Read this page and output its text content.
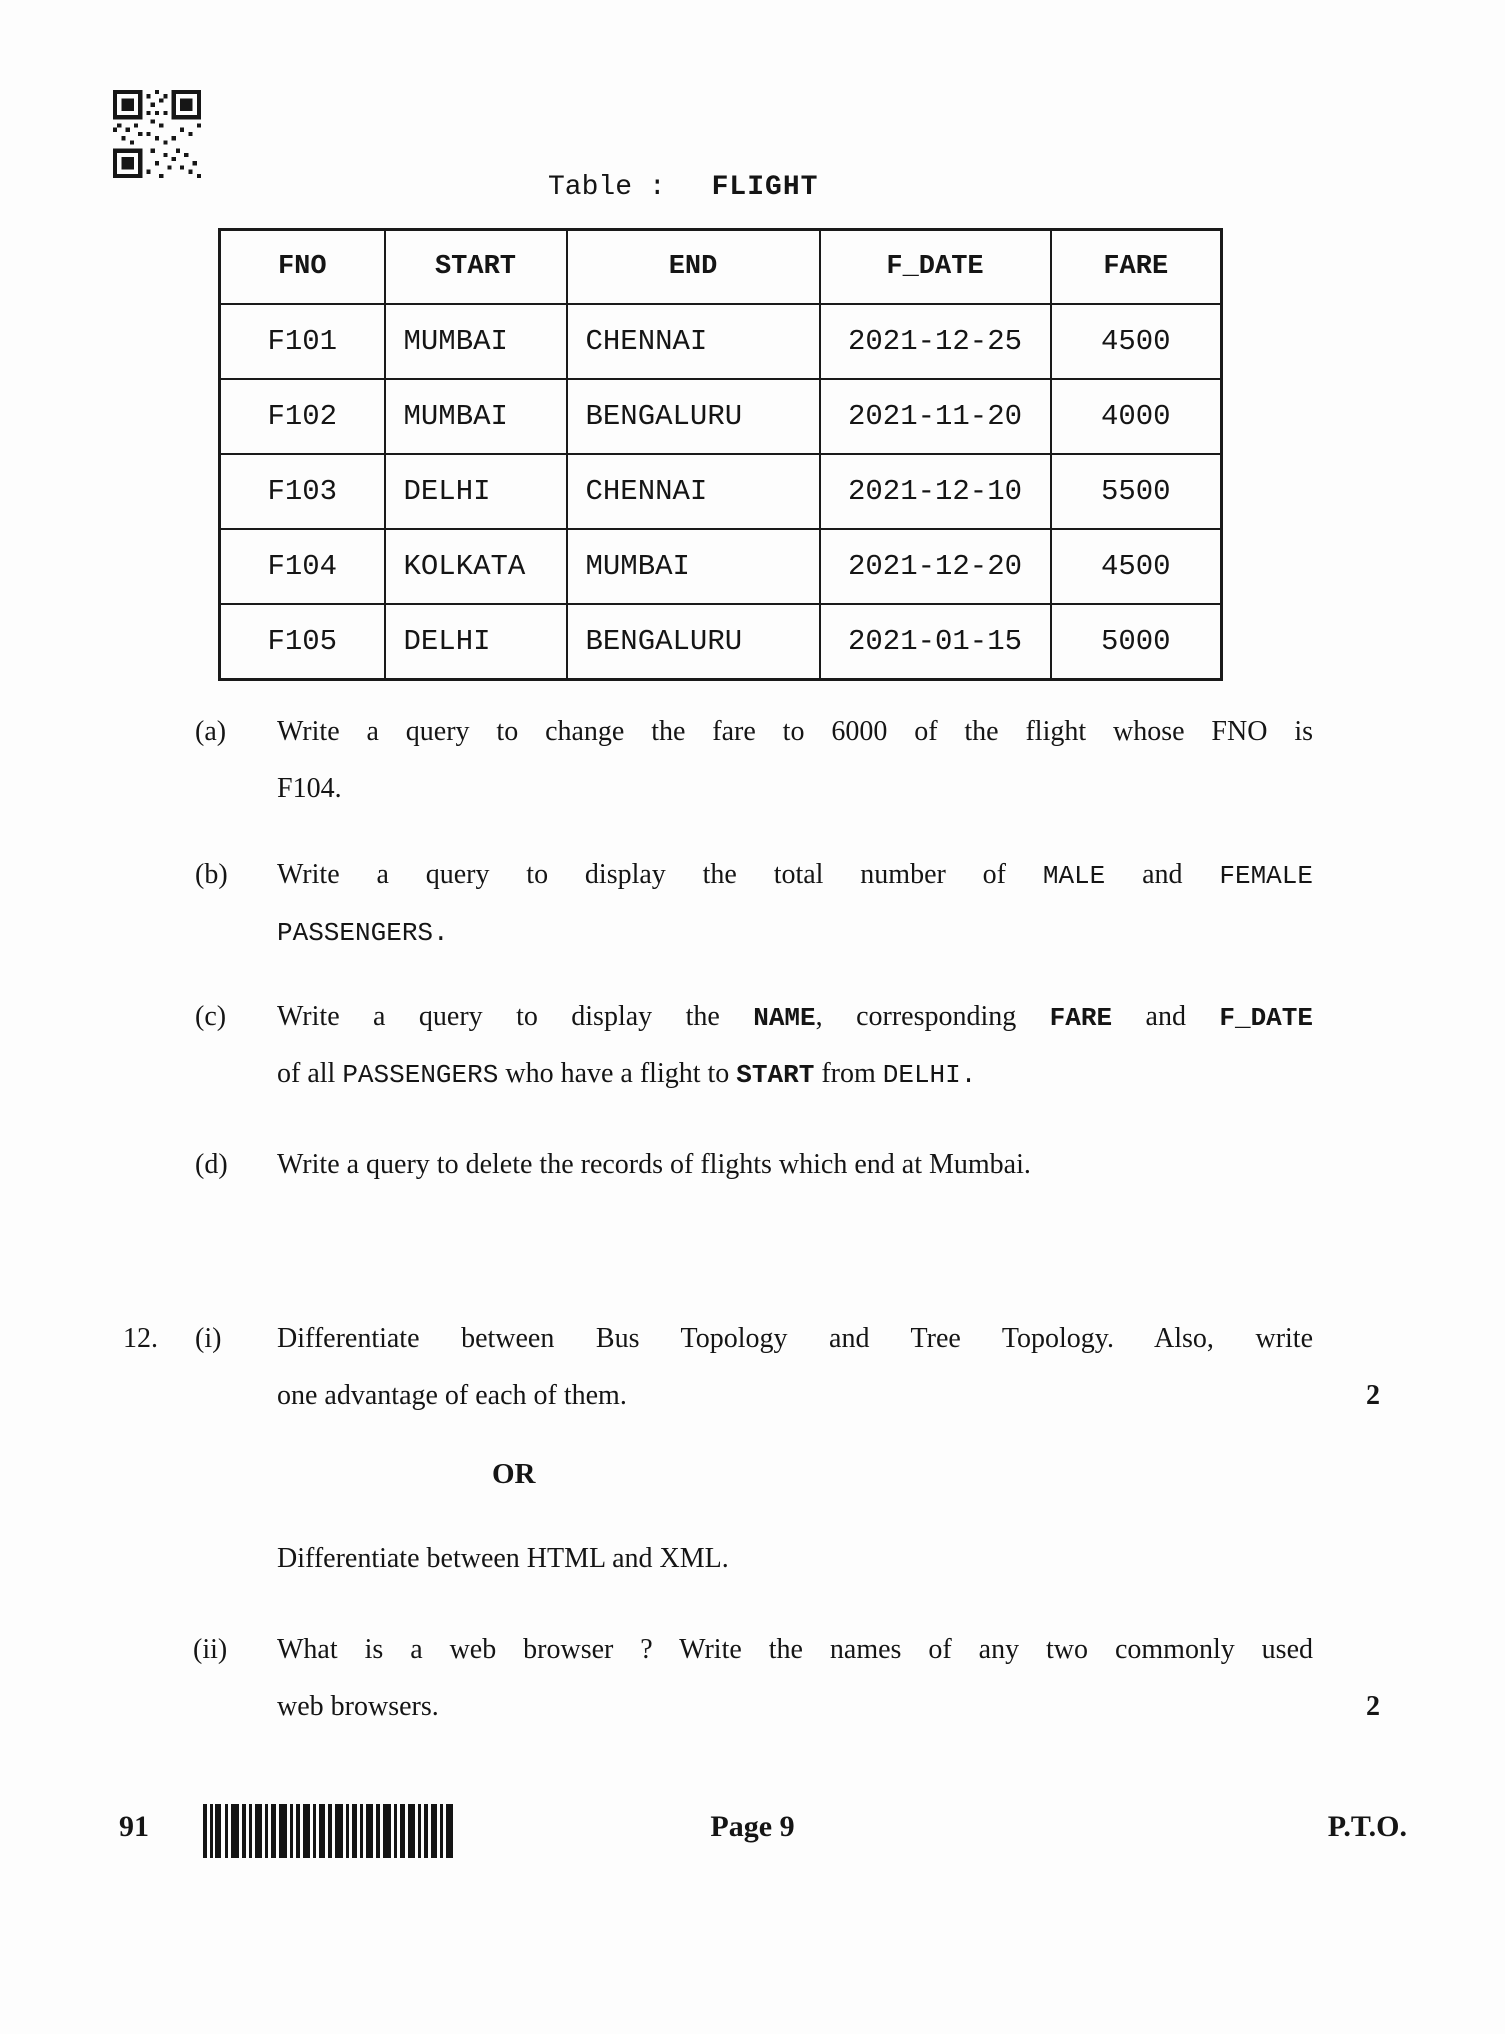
Table : FLIGHT
FNO	START	END	F_DATE	FARE
F101	MUMBAI	CHENNAI	2021-12-25	4500
F102	MUMBAI	BENGALURU	2021-11-20	4000
F103	DELHI	CHENNAI	2021-12-10	5500
F104	KOLKATA	MUMBAI	2021-12-20	4500
F105	DELHI	BENGALURU	2021-01-15	5000
(a) Write a query to change the fare to 6000 of the flight whose FNO is
F104.
(b) Write a query to display the total number of MALE and FEMALE
PASSENGERS.
(c) Write a query to display the NAME, corresponding FARE and F_DATE
of all PASSENGERS who have a flight to START from DELHI.
(d) Write a query to delete the records of flights which end at Mumbai.
12. (i) Differentiate between Bus Topology and Tree Topology. Also, write
one advantage of each of them.	2
OR
Differentiate between HTML and XML.
(ii) What is a web browser ? Write the names of any two commonly used
web browsers.	2
91	Page 9	P.T.O.
